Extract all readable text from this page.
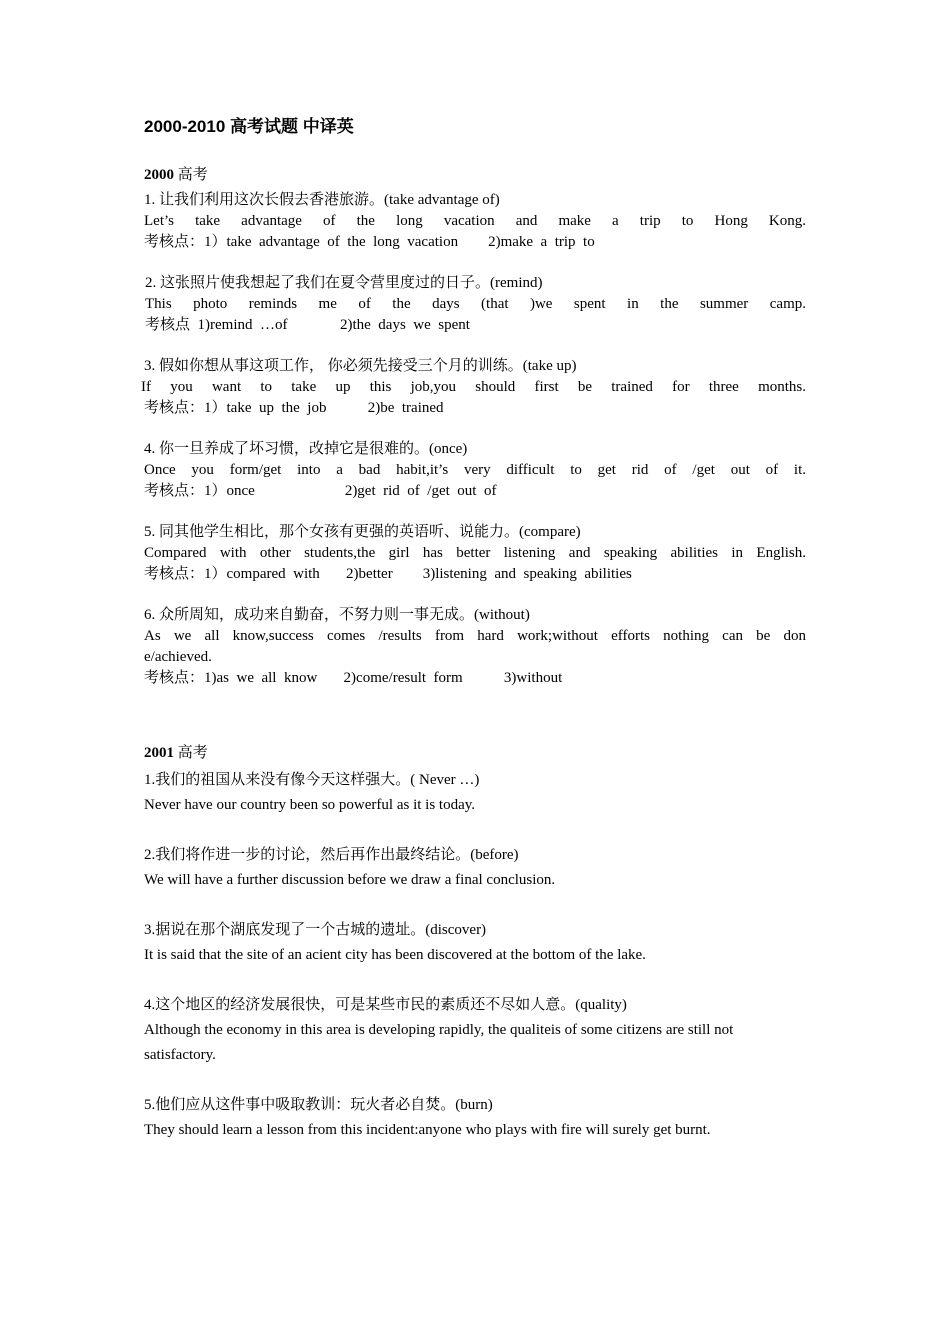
2000-2010 高考试题 中译英
2000 高考

1. 让我们利用这次长假去香港旅游。(take advantage of)

Let’s take advantage of the long vacation and make a trip to Hong Kong.

考核点：1）take  advantage  of  the  long  vacation        2)make  a  trip  to

2. 这张照片使我想起了我们在夏令营里度过的日子。(remind)

This photo reminds me of the days (that )we spent in the summer camp.

考核点  1)remind  …of              2)the  days  we  spent

3. 假如你想从事这项工作， 你必须先接受三个月的训练。(take up)

If you want to take up this job,you should first be trained for three months.

考核点：1）take  up  the  job           2)be  trained

4. 你一旦养成了坏习惯，改掉它是很难的。(once)

Once you form/get into a bad habit,it’s very difficult to get rid of /get out of it.

考核点：1）once                        2)get  rid  of  /get  out  of

5. 同其他学生相比，那个女孩有更强的英语听、说能力。(compare)

Compared with other students,the girl has better listening and speaking abilities in English.

考核点：1）compared  with       2)better        3)listening  and  speaking  abilities

6. 众所周知，成功来自勤奋，不努力则一事无成。(without)

As we all know,success comes /results from hard work;without efforts nothing can be don

e/achieved.

考核点：1)as  we  all  know       2)come/result  form           3)without

2001 高考

1.我们的祖国从来没有像今天这样强大。( Never …)

Never have our country been so powerful as it is today.

2.我们将作进一步的讨论，然后再作出最终结论。(before)

We will have a further discussion before we draw a final conclusion.

3.据说在那个湖底发现了一个古城的遗址。(discover)

It is said that the site of an acient city has been discovered at the bottom of the lake.

4.这个地区的经济发展很快，可是某些市民的素质还不尽如人意。(quality)

Although the economy in this area is developing rapidly, the qualiteis of some citizens are still not

satisfactory.

5.他们应从这件事中吸取教训：玩火者必自焚。(burn)

They should learn a lesson from this incident:anyone who plays with fire will surely get burnt.
